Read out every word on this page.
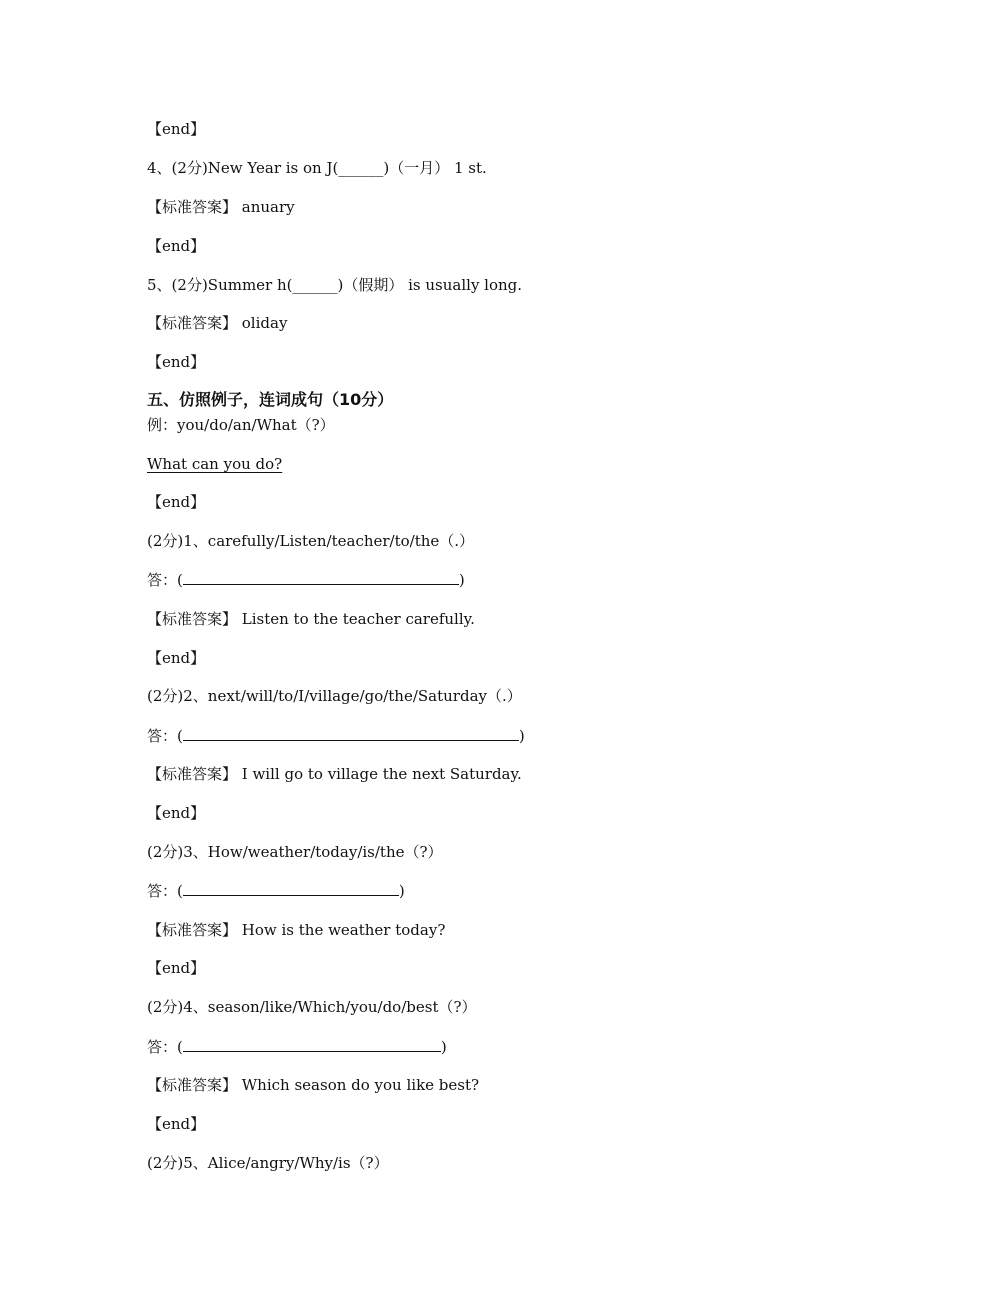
【end】
4、(2分)New Year is on J(______)（一月） 1 st.
【标准答案】 anuary
【end】
5、(2分)Summer h(______)（假期） is usually long.
【标准答案】 oliday
【end】
五、仿照例子，连词成句（10分）
例：you/do/an/What（?）
What can you do?
【end】
(2分)1、carefully/Listen/teacher/to/the（.）
答：(	)
【标准答案】 Listen to the teacher carefully.
【end】
(2分)2、next/will/to/I/village/go/the/Saturday（.）
答：(	)
【标准答案】 I will go to village the next Saturday.
【end】
(2分)3、How/weather/today/is/the（?）
答：(	)
【标准答案】 How is the weather today?
【end】
(2分)4、season/like/Which/you/do/best（?）
答：(	)
【标准答案】 Which season do you like best?
【end】
(2分)5、Alice/angry/Why/is（?）
